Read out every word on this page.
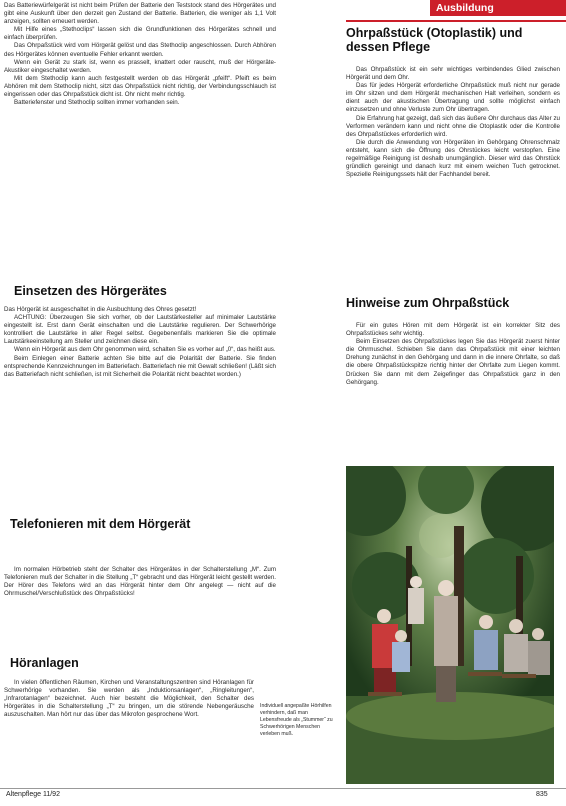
Ausbildung

Das Batteriewürfelgerät ist nicht beim Prüfen der Batterie den Teststock stand des Hörgerätes und gibt eine Auskunft über den derzeit gen Zustand der Batterie. Batterien, die weniger als 1,1 Volt anzeigen, sollten erneuert werden.

Mit Hilfe eines „Stethoclips“ lassen sich die Grundfunktionen des Hörgerätes schnell und einfach überprüfen.

Das Ohrpaßstück wird vom Hörgerät gelöst und das Stethoclip angeschlossen. Durch Abhören des Hörgerätes können eventuelle Fehler erkannt werden.

Wenn ein Gerät zu stark ist, wenn es prasselt, knattert oder rauscht, muß der Hörgeräte-Akustiker eingeschaltet werden.

Mit dem Stethoclip kann auch festgestellt werden ob das Hörgerät „pfeift“. Pfeift es beim Abhören mit dem Stethoclip nicht, sitzt das Ohrpaßstück nicht richtig, der Verbindungsschlauch ist eingerissen oder das Ohrpaßstück dicht ist. Ohr nicht mehr richtig.

Batteriefenster und Stethoclip sollten immer vorhanden sein.

Einsetzen des Hörgerätes

Das Hörgerät ist ausgeschaltet in die Ausbuchtung des Ohres gesetzt!

ACHTUNG: Überzeugen Sie sich vorher, ob der Lautstärkesteller auf minimaler Lautstärke eingestellt ist. Erst dann Gerät einschalten und die Lautstärke regulieren. Der Schwerhörige kontrolliert die Lautstärke in aller Regel selbst. Gegebenenfalls markieren Sie die optimale Lautstärkeeinstellung am Steller und zeichnen diese ein.

Wenn ein Hörgerät aus dem Ohr genommen wird, schalten Sie es vorher auf „0“, das heißt aus.

Beim Einlegen einer Batterie achten Sie bitte auf die Polarität der Batterie. Sie finden entsprechende Kennzeichnungen im Batteriefach. Batteriefach nie mit Gewalt schließen! (Läßt sich das Batteriefach nicht schließen, ist mit Sicherheit die Polarität nicht beachtet worden.)

Telefonieren mit dem Hörgerät

Im normalen Hörbetrieb steht der Schalter des Hörgerätes in der Schalterstellung „M“. Zum Telefonieren muß der Schalter in die Stellung „T“ gebracht und das Hörgerät leicht gestellt werden. Der Hörer des Telefons wird an das Hörgerät hinter dem Ohr angelegt — nicht auf die Ohrmuschel/Verschlußstück des Ohrpaßstücks!

Höranlagen

In vielen öffentlichen Räumen, Kirchen und Veranstaltungszentren sind Höranlagen für Schwerhörige vorhanden. Sie werden als „Induktionsanlagen“, „Ringleitungen“, „Infrarotanlagen“ bezeichnet. Auch hier besteht die Möglichkeit, den Schalter des Hörgerätes in die Schalterstellung „T“ zu bringen, um die störende Nebengeräusche auszuschalten. Man hört nur das über das Mikrofon gesprochene Wort.

Ohrpaßstück (Otoplastik) und dessen Pflege

Das Ohrpaßstück ist ein sehr wichtiges verbindendes Glied zwischen Hörgerät und dem Ohr.

Das für jedes Hörgerät erforderliche Ohrpaßstück muß nicht nur gerade im Ohr sitzen und dem Hörgerät mechanischen Halt verleihen, sondern es dient auch der akustischen Übertragung und sollte möglichst einfach einzusetzen und ohne Verluste zum Ohr übertragen.

Die Erfahrung hat gezeigt, daß sich das äußere Ohr durchaus das Alter zu Verformen verändern kann und nicht ohne die Otoplastik oder die Kontrolle des Ohrpaßstückes erforderlich wird.

Die durch die Anwendung von Hörgeräten im Gehörgang Ohrenschmalz entsteht, kann sich die Öffnung des Ohrstückes leicht verstopfen. Eine regelmäßige Reinigung ist deshalb unumgänglich. Dieser wird das Ohrstück gründlich gereinigt und danach kurz mit einem weichen Tuch getrocknet. Spezielle Reinigungssets hält der Fachhandel bereit.

Hinweise zum Ohrpaßstück

Für ein gutes Hören mit dem Hörgerät ist ein korrekter Sitz des Ohrpaßstückes sehr wichtig.

Beim Einsetzen des Ohrpaßstückes legen Sie das Hörgerät zuerst hinter die Ohrmuschel. Schieben Sie dann das Ohrpaßstück mit einer leichten Drehung zunächst in den Gehörgang und dann in die innere Ohrfalte, so daß die obere Ohrpaßstückspitze richtig hinter der Ohrfalte zum Liegen kommt. Drücken Sie dann mit dem Zeigefinger das Ohrpaßstück ganz in den Gehörgang.

Individuell angepaßte Hörhilfen verhindern, daß man Lebensfreude als „Stummer“ zu Schwerhörigen Menschen verleben muß.

Altenpflege 11/92	835
